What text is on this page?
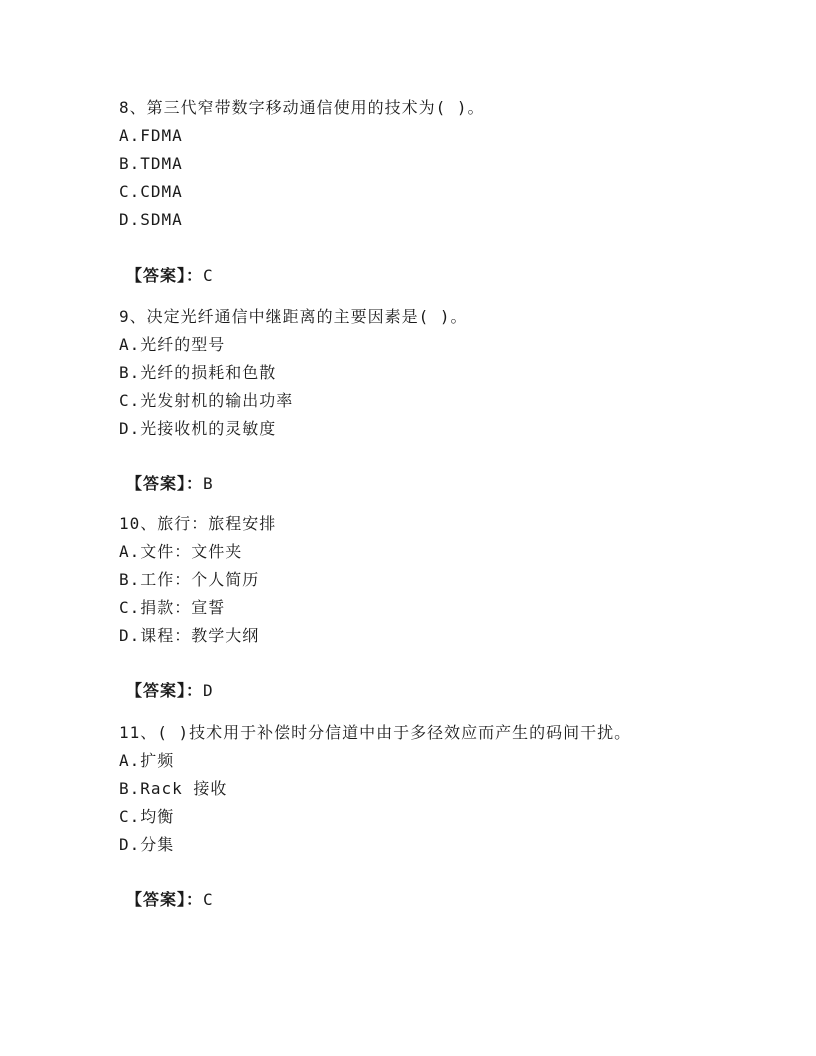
8、第三代窄带数字移动通信使用的技术为( )。
A.FDMA
B.TDMA
C.CDMA
D.SDMA
【答案】：C
9、决定光纤通信中继距离的主要因素是( )。
A.光纤的型号
B.光纤的损耗和色散
C.光发射机的输出功率
D.光接收机的灵敏度
【答案】：B
10、旅行：旅程安排
A.文件：文件夹
B.工作：个人简历
C.捐款：宣誓
D.课程：教学大纲
【答案】：D
11、( )技术用于补偿时分信道中由于多径效应而产生的码间干扰。
A.扩频
B.Rack 接收
C.均衡
D.分集
【答案】：C
